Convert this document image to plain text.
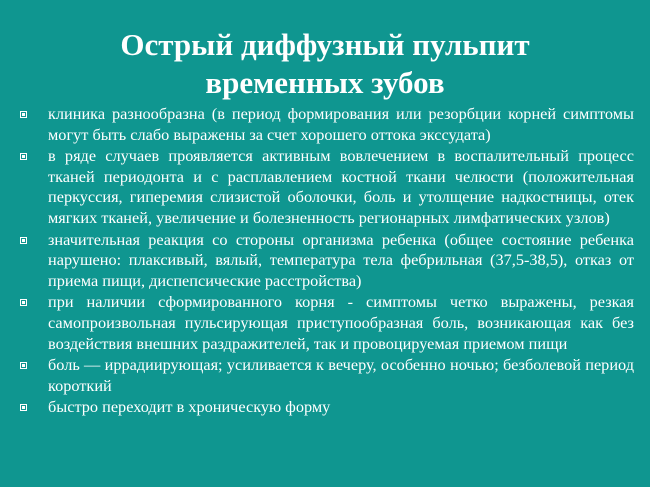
Острый диффузный пульпит
временных зубов
клиника разнообразна (в период формирования или резорбции корней симптомы могут быть слабо выражены за счет хорошего оттока экссудата)
в ряде случаев проявляется активным вовлечением в воспалительный процесс тканей периодонта и с расплавлением костной ткани челюсти (положительная перкуссия, гиперемия слизистой оболочки, боль и утолщение надкостницы, отек мягких тканей, увеличение и болезненность регионарных лимфатических узлов)
значительная реакция со стороны организма ребенка (общее состояние ребенка нарушено: плаксивый, вялый, температура тела фебрильная (37,5-38,5), отказ от приема пищи, диспепсические расстройства)
при наличии сформированного корня - симптомы четко выражены, резкая самопроизвольная пульсирующая приступообразная боль, возникающая как без воздействия внешних раздражителей, так и провоцируемая приемом пищи
боль — иррадиирующая; усиливается к вечеру, особенно ночью; безболевой период короткий
быстро переходит в хроническую форму
